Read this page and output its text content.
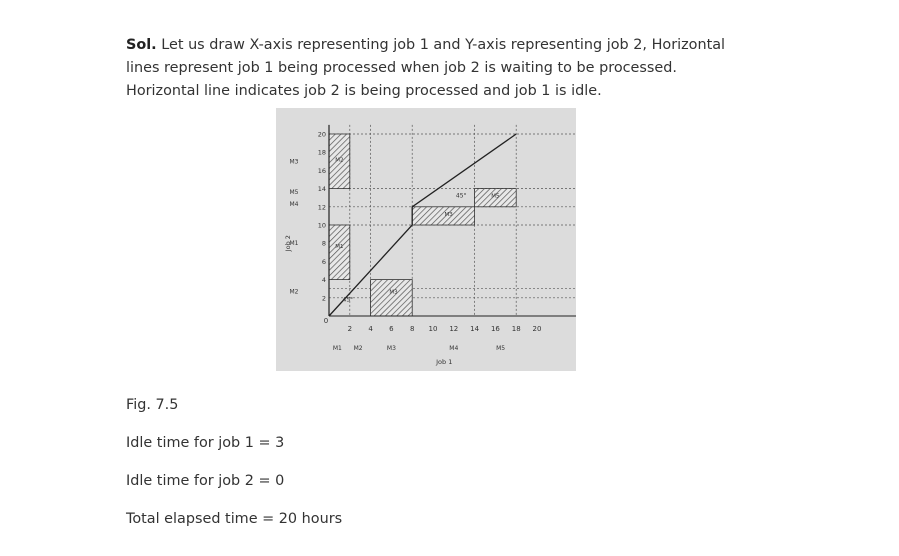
Sol. Let us draw X-axis representing job 1 and Y-axis representing job 2, Horizontal lines represent job 1 being processed when job 2 is waiting to be processed. Horizontal line indicates job 2 is being processed and job 1 is idle.
2 4 6 8 10 12 14 16 18 20
2
4
6
8
10
12
14
16
18
20
0
M1 M2	M3	M4	M5
M3
M1
M4
M5
M2
M2
M1
M3
M3
M5
45°
45°
Job 1
Job 2
Fig. 7.5
Idle time for job 1 = 3
Idle time for job 2 = 0
Total elapsed time = 20 hours
